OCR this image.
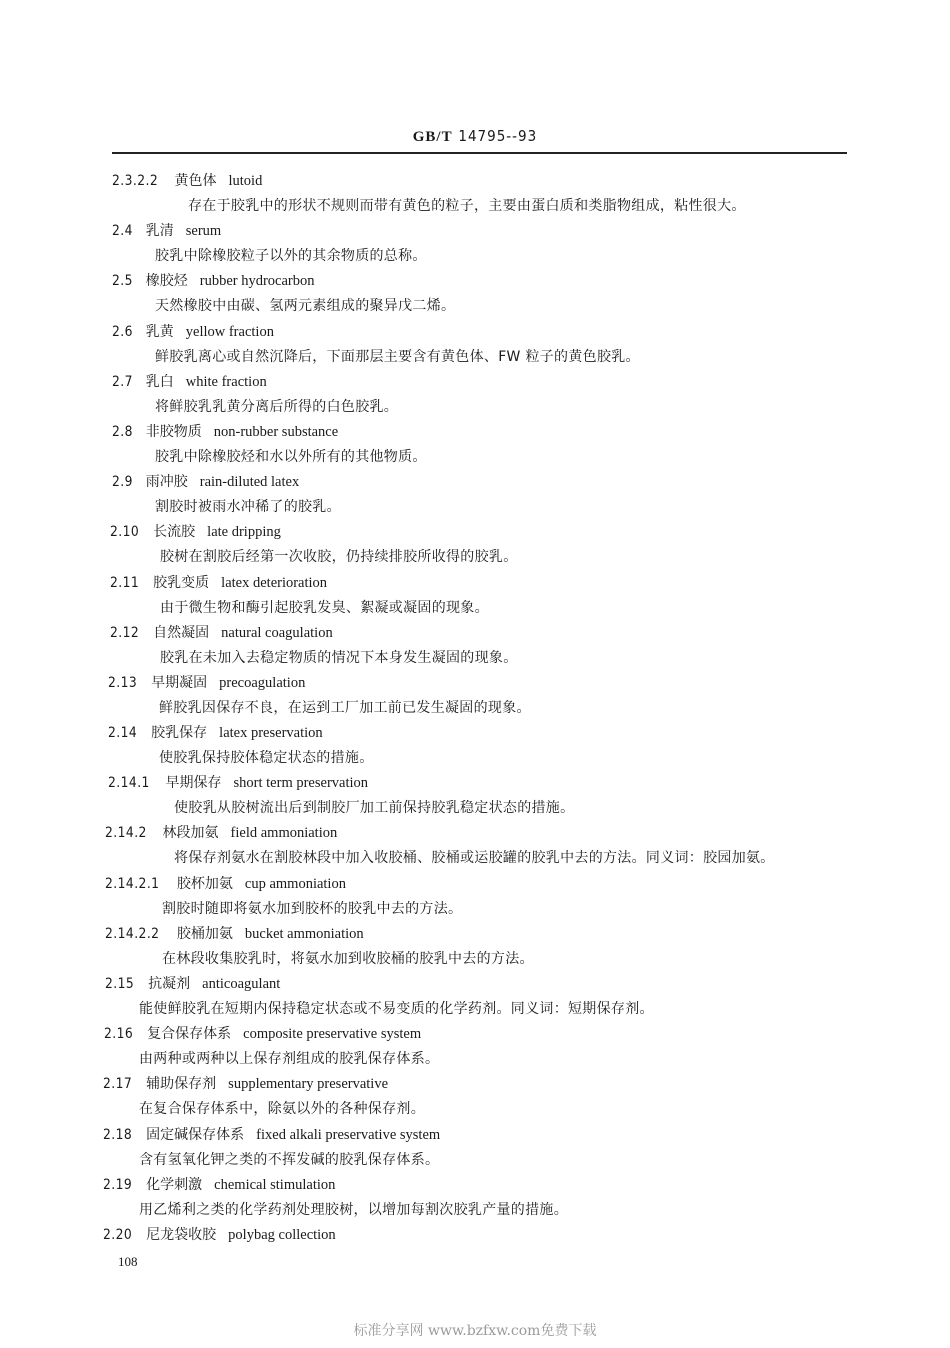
GB/T 14795--93
2.3.2.2 黄色体 lutoid
存在于胶乳中的形状不规则而带有黄色的粒子，主要由蛋白质和类脂物组成，粘性很大。
2.4 乳清 serum
胶乳中除橡胶粒子以外的其余物质的总称。
2.5 橡胶烃 rubber hydrocarbon
天然橡胶中由碳、氢两元素组成的聚异戊二烯。
2.6 乳黄 yellow fraction
鲜胶乳离心或自然沉降后，下面那层主要含有黄色体、FW 粒子的黄色胶乳。
2.7 乳白 white fraction
将鲜胶乳乳黄分离后所得的白色胶乳。
2.8 非胶物质 non-rubber substance
胶乳中除橡胶烃和水以外所有的其他物质。
2.9 雨冲胶 rain-diluted latex
割胶时被雨水冲稀了的胶乳。
2.10 长流胶 late dripping
胶树在割胶后经第一次收胶，仍持续排胶所收得的胶乳。
2.11 胶乳变质 latex deterioration
由于微生物和酶引起胶乳发臭、絮凝或凝固的现象。
2.12 自然凝固 natural coagulation
胶乳在未加入去稳定物质的情况下本身发生凝固的现象。
2.13 早期凝固 precoagulation
鲜胶乳因保存不良，在运到工厂加工前已发生凝固的现象。
2.14 胶乳保存 latex preservation
使胶乳保持胶体稳定状态的措施。
2.14.1 早期保存 short term preservation
使胶乳从胶树流出后到制胶厂加工前保持胶乳稳定状态的措施。
2.14.2 林段加氨 field ammoniation
将保存剂氨水在割胶林段中加入收胶桶、胶桶或运胶罐的胶乳中去的方法。同义词：胶园加氨。
2.14.2.1 胶杯加氨 cup ammoniation
割胶时随即将氨水加到胶杯的胶乳中去的方法。
2.14.2.2 胶桶加氨 bucket ammoniation
在林段收集胶乳时，将氨水加到收胶桶的胶乳中去的方法。
2.15 抗凝剂 anticoagulant
能使鲜胶乳在短期内保持稳定状态或不易变质的化学药剂。同义词：短期保存剂。
2.16 复合保存体系 composite preservative system
由两种或两种以上保存剂组成的胶乳保存体系。
2.17 辅助保存剂 supplementary preservative
在复合保存体系中，除氨以外的各种保存剂。
2.18 固定碱保存体系 fixed alkali preservative system
含有氢氧化钾之类的不挥发碱的胶乳保存体系。
2.19 化学刺激 chemical stimulation
用乙烯利之类的化学药剂处理胶树，以增加每割次胶乳产量的措施。
2.20 尼龙袋收胶 polybag collection
108
标准分享网 www.bzfxw.com免费下载
